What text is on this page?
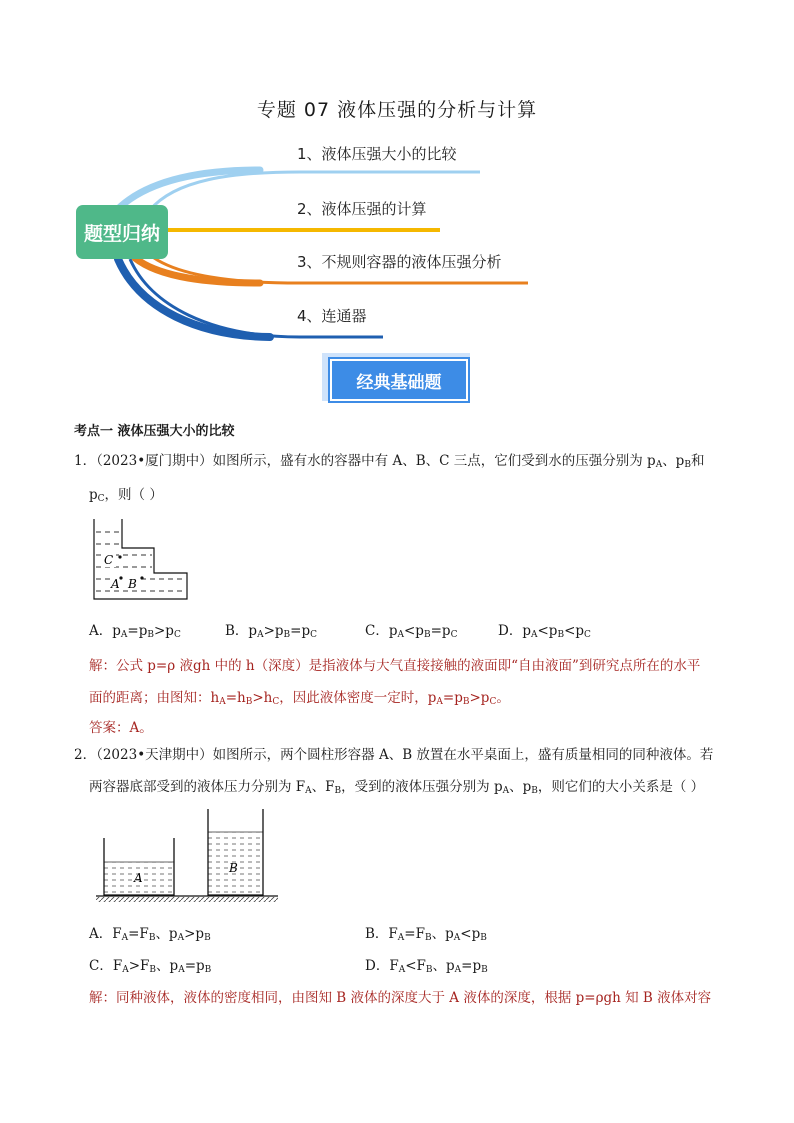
专题 07 液体压强的分析与计算
题型归纳
1、液体压强大小的比较
2、液体压强的计算
3、不规则容器的液体压强分析
4、连通器
经典基础题
考点一 液体压强大小的比较
1．（2023•厦门期中）如图所示，盛有水的容器中有 A、B、C 三点，它们受到水的压强分别为 $p_A$、$p_B$和
$p_C$，则（ ）
C
A B
A．$p_A=p_B>p_C$	B．$p_A>p_B=p_C$	C．$p_A<p_B=p_C$	D．$p_A<p_B<p_C$
解：公式 p=ρ 液gh 中的 h（深度）是指液体与大气直接接触的液面即“自由液面”到研究点所在的水平
面的距离；由图知：$h_A=h_B>h_C$，因此液体密度一定时，$p_A=p_B>p_C$。
答案：A。
2．（2023•天津期中）如图所示，两个圆柱形容器 A、B 放置在水平桌面上，盛有质量相同的同种液体。若
两容器底部受到的液体压力分别为 $F_A$、$F_B$，受到的液体压强分别为 $p_A$、$p_B$，则它们的大小关系是（ ）
A
B
A．$F_A=F_B$、$p_A>p_B$	B．$F_A=F_B$、$p_A<p_B$
C．$F_A>F_B$、$p_A=p_B$	D．$F_A<F_B$、$p_A=p_B$
解：同种液体，液体的密度相同，由图知 B 液体的深度大于 A 液体的深度，根据 p=ρgh 知 B 液体对容
